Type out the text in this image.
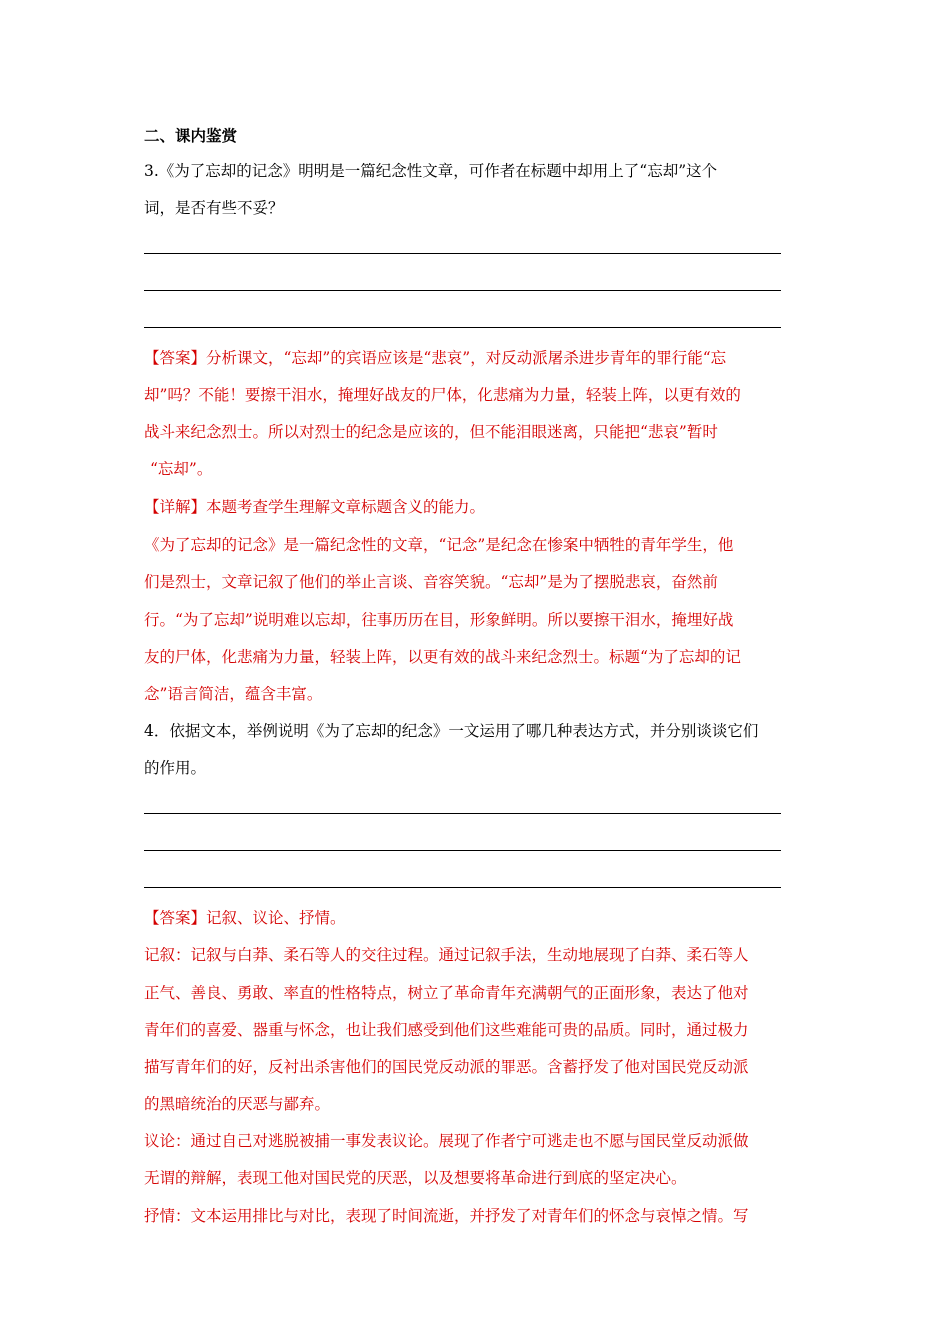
二、课内鉴赏
3.《为了忘却的记念》明明是一篇纪念性文章，可作者在标题中却用上了“忘却”这个
词，是否有些不妥？
【答案】分析课文，“忘却”的宾语应该是“悲哀”，对反动派屠杀进步青年的罪行能“忘
却”吗？不能！要擦干泪水，掩埋好战友的尸体，化悲痛为力量，轻装上阵，以更有效的
战斗来纪念烈士。所以对烈士的纪念是应该的，但不能泪眼迷离，只能把“悲哀”暂时
“忘却”。
【详解】本题考查学生理解文章标题含义的能力。
《为了忘却的记念》是一篇纪念性的文章，“记念”是纪念在惨案中牺牲的青年学生，他
们是烈士，文章记叙了他们的举止言谈、音容笑貌。“忘却”是为了摆脱悲哀，奋然前
行。“为了忘却”说明难以忘却，往事历历在目，形象鲜明。所以要擦干泪水，掩埋好战
友的尸体，化悲痛为力量，轻装上阵，以更有效的战斗来纪念烈士。标题“为了忘却的记
念”语言简洁，蕴含丰富。
4．依据文本，举例说明《为了忘却的纪念》一文运用了哪几种表达方式，并分别谈谈它们
的作用。
【答案】记叙、议论、抒情。
记叙：记叙与白莽、柔石等人的交往过程。通过记叙手法，生动地展现了白莽、柔石等人
正气、善良、勇敢、率直的性格特点，树立了革命青年充满朝气的正面形象，表达了他对
青年们的喜爱、器重与怀念，也让我们感受到他们这些难能可贵的品质。同时，通过极力
描写青年们的好，反衬出杀害他们的国民党反动派的罪恶。含蓄抒发了他对国民党反动派
的黑暗统治的厌恶与鄙弃。
议论：通过自己对逃脱被捕一事发表议论。展现了作者宁可逃走也不愿与国民堂反动派做
无谓的辩解，表现工他对国民党的厌恶，以及想要将革命进行到底的坚定决心。
抒情：文本运用排比与对比，表现了时间流逝，并抒发了对青年们的怀念与哀悼之情。写
